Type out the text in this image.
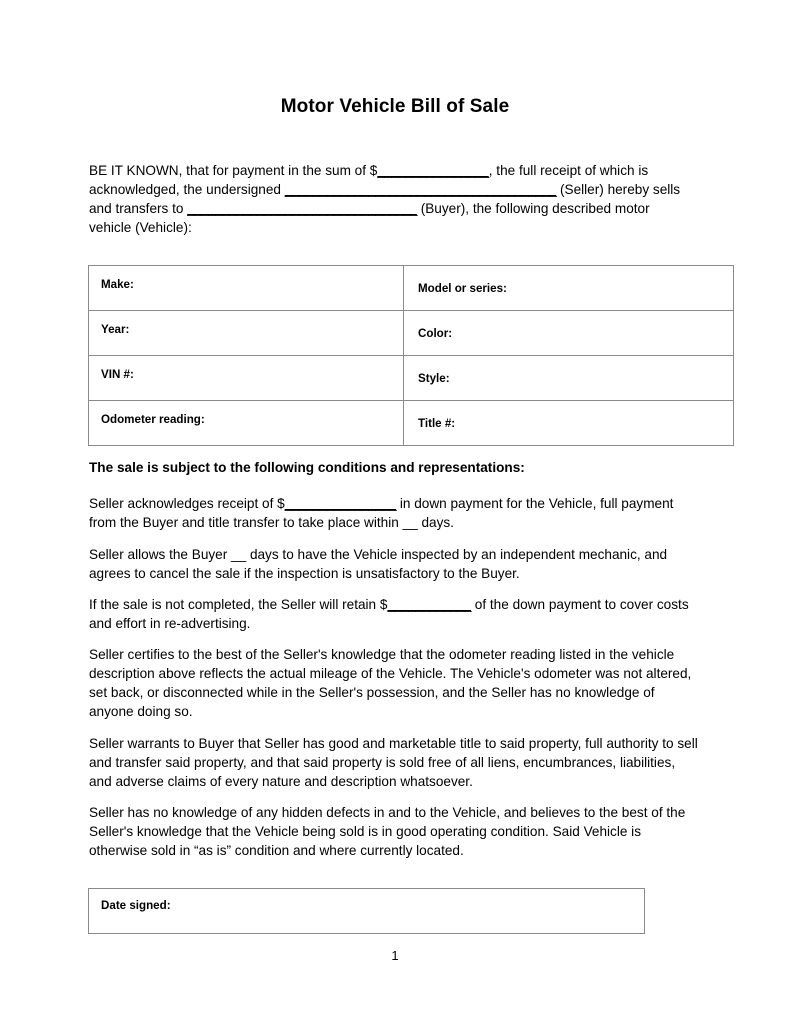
Motor Vehicle Bill of Sale
BE IT KNOWN, that for payment in the sum of $________________, the full receipt of which is acknowledged, the undersigned _______________________________________ (Seller) hereby sells and transfers to _________________________________ (Buyer), the following described motor vehicle (Vehicle):
Make:	Model or series:
Year:	Color:
VIN #:	Style:
Odometer reading:	Title #:
The sale is subject to the following conditions and representations:
Seller acknowledges receipt of $________________ in down payment for the Vehicle, full payment from the Buyer and title transfer to take place within __ days.
Seller allows the Buyer __ days to have the Vehicle inspected by an independent mechanic, and agrees to cancel the sale if the inspection is unsatisfactory to the Buyer.
If the sale is not completed, the Seller will retain $____________ of the down payment to cover costs and effort in re-advertising.
Seller certifies to the best of the Seller's knowledge that the odometer reading listed in the vehicle description above reflects the actual mileage of the Vehicle. The Vehicle's odometer was not altered, set back, or disconnected while in the Seller's possession, and the Seller has no knowledge of anyone doing so.
Seller warrants to Buyer that Seller has good and marketable title to said property, full authority to sell and transfer said property, and that said property is sold free of all liens, encumbrances, liabilities, and adverse claims of every nature and description whatsoever.
Seller has no knowledge of any hidden defects in and to the Vehicle, and believes to the best of the Seller's knowledge that the Vehicle being sold is in good operating condition. Said Vehicle is otherwise sold in “as is” condition and where currently located.
Date signed:
1
